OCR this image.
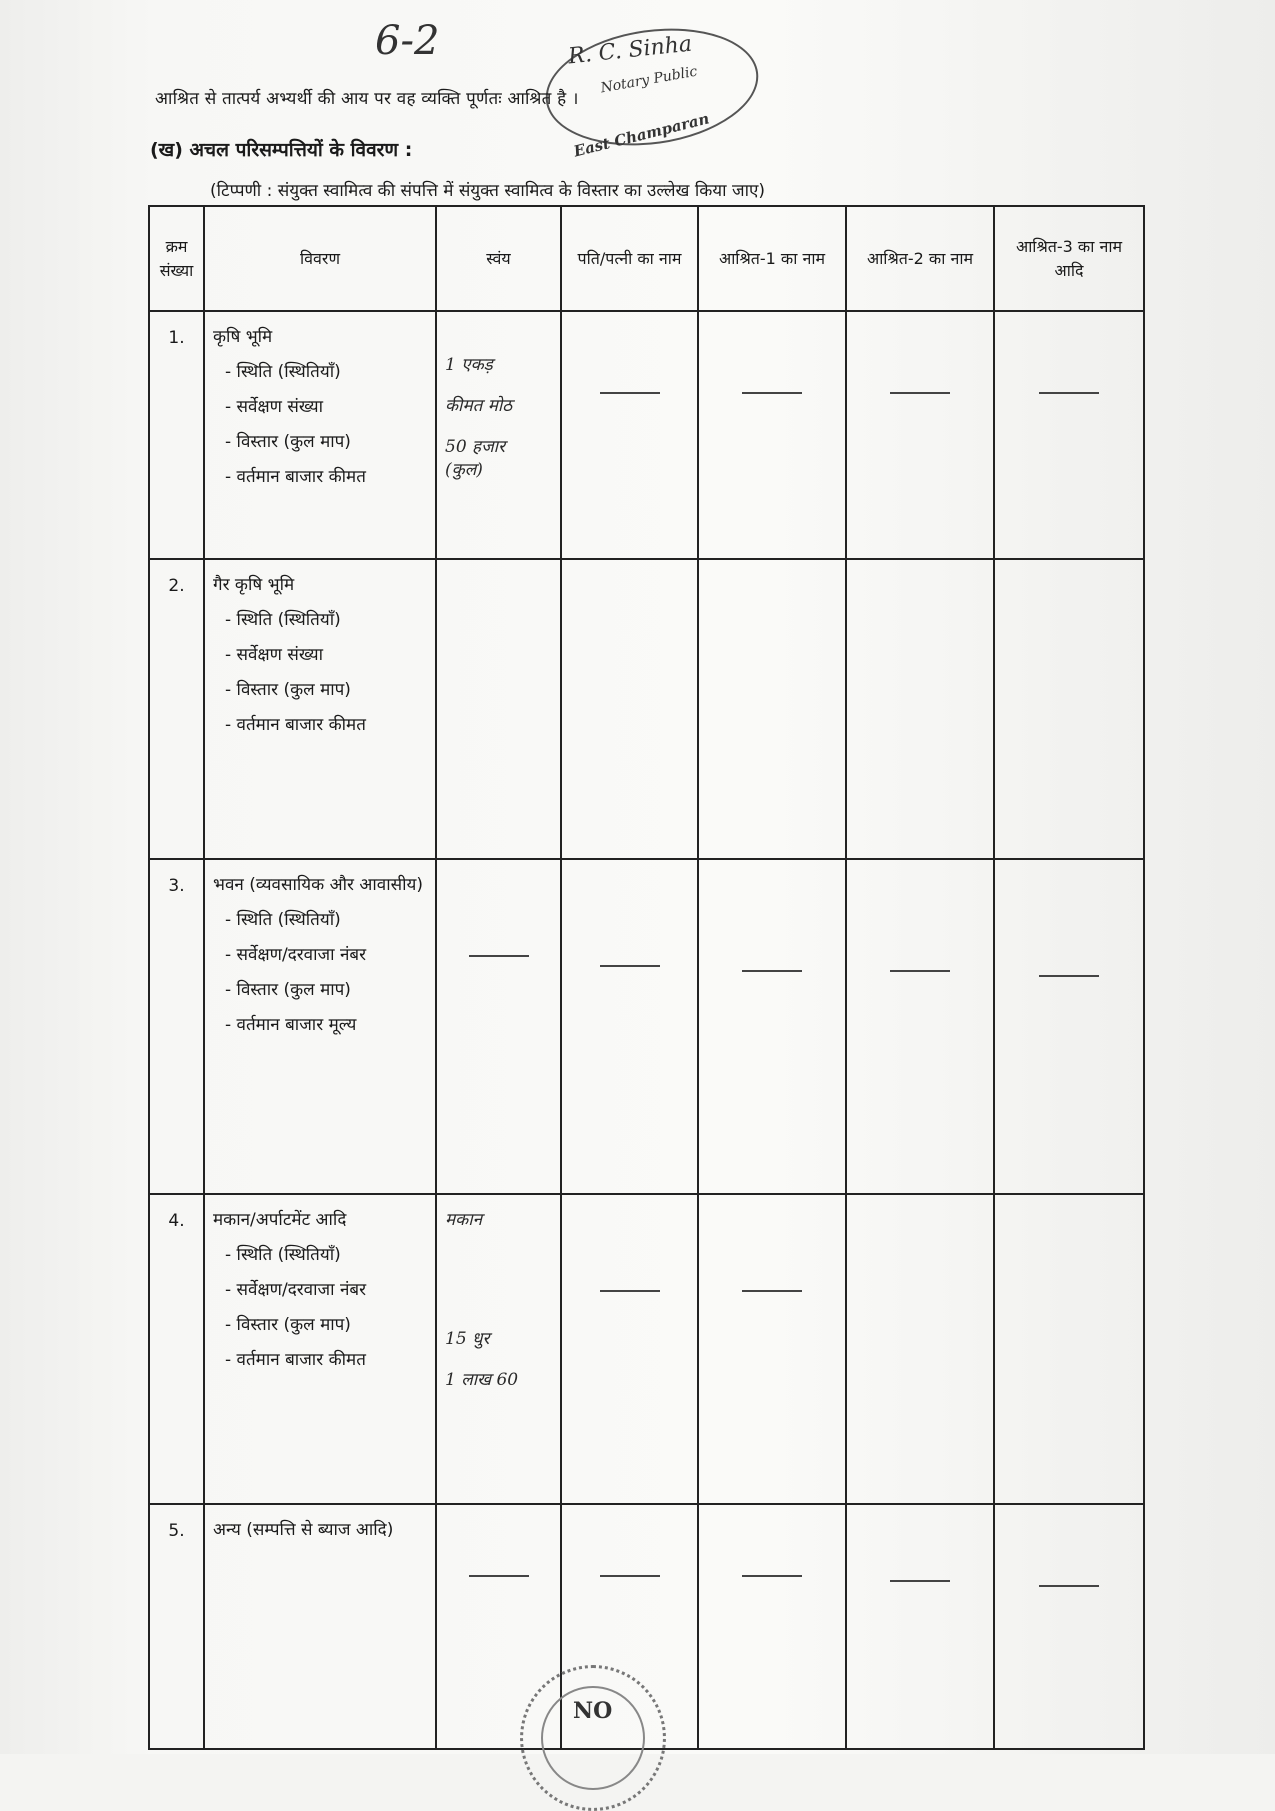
6-2	R. C. Sinha
Notary Public
East Champaran
आश्रित से तात्पर्य अभ्यर्थी की आय पर वह व्यक्ति पूर्णतः आश्रित है ।
(ख) अचल परिसम्पत्तियों के विवरण :
(टिप्पणी : संयुक्त स्वामित्व की संपत्ति में संयुक्त स्वामित्व के विस्तार का उल्लेख किया जाए)
क्रम संख्या	विवरण	स्वंय	पति/पत्नी का नाम	आश्रित-1 का नाम	आश्रित-2 का नाम	आश्रित-3 का नाम आदि
1.	कृषि भूमि
- स्थिति (स्थितियाँ)
- सर्वेक्षण संख्या
- विस्तार (कुल माप)
- वर्तमान बाजार कीमत	1 एकड़
कीमत मोठ
50 हजार
(कुल)				

2.	गैर कृषि भूमि
- स्थिति (स्थितियाँ)
- सर्वेक्षण संख्या
- विस्तार (कुल माप)
- वर्तमान बाजार कीमत					

3.	भवन (व्यवसायिक और आवासीय)
- स्थिति (स्थितियाँ)
- सर्वेक्षण/दरवाजा नंबर
- विस्तार (कुल माप)
- वर्तमान बाजार मूल्य					

4.	मकान/अर्पाटमेंट आदि
- स्थिति (स्थितियाँ)
- सर्वेक्षण/दरवाजा नंबर
- विस्तार (कुल माप)
- वर्तमान बाजार कीमत	मकान
15 धुर
1 लाख 60				

5.	अन्य (सम्पत्ति से ब्याज आदि)					

NO
